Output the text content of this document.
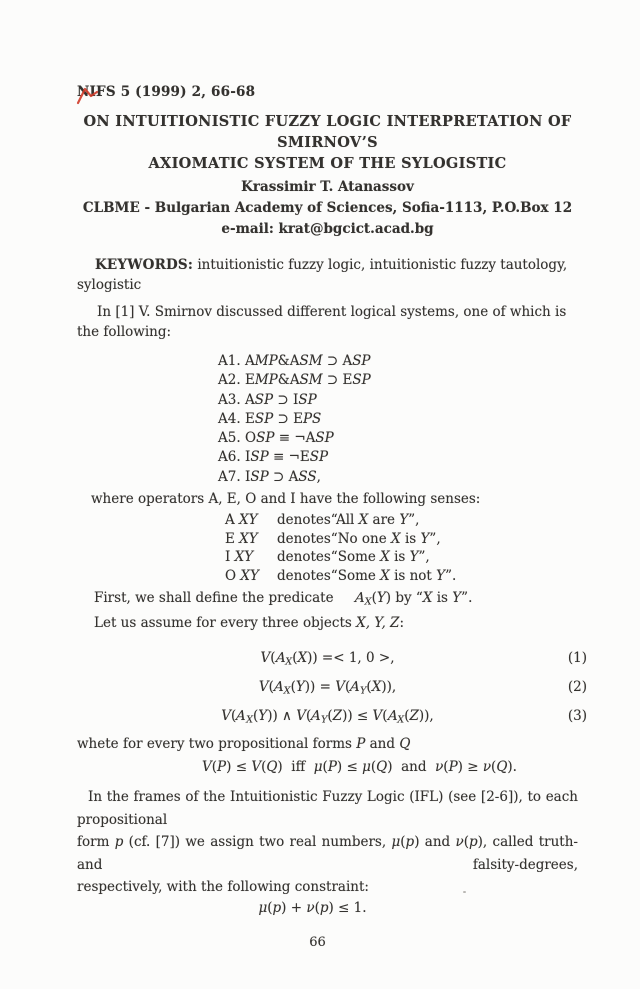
NIFS 5 (1999) 2, 66-68
ON INTUITIONISTIC FUZZY LOGIC INTERPRETATION OF SMIRNOV’S
AXIOMATIC SYSTEM OF THE SYLOGISTIC
Krassimir T. Atanassov
CLBME - Bulgarian Academy of Sciences, Sofia-1113, P.O.Box 12
e-mail: krat@bgcict.acad.bg

KEYWORDS: intuitionistic fuzzy logic, intuitionistic fuzzy tautology, sylogistic

In [1] V. Smirnov discussed different logical systems, one of which is the following:

A1. AMP&ASM ⊃ ASP
A2. EMP&ASM ⊃ ESP
A3. ASP ⊃ ISP
A4. ESP ⊃ EPS
A5. OSP ≡ ¬ASP
A6. ISP ≡ ¬ESP
A7. ISP ⊃ ASS,

where operators A, E, O and I have the following senses:

A XY	denotes	“All X are Y”,
E XY	denotes	“No one X is Y”,
I XY	denotes	“Some X is Y”,
O XY	denotes	“Some X is not Y”.

First, we shall define the predicate $A_X(Y)$ by “X is Y”.

Let us assume for every three objects X, Y, Z:

$V(A_X(X)) =< 1$, 0 >,	(1)
$V(A_X(Y)) = V(A_Y(X))$,	(2)
$V(A_X(Y))$ ∧ $V(A_Y(Z)) \le V(A_X(Z))$,	(3)

whete for every two propositional forms P and Q

V(P) ≤ V(Q)  iff  μ(P) ≤ μ(Q)  and  ν(P) ≥ ν(Q).
In the frames of the Intuitionistic Fuzzy Logic (IFL) (see [2-6]), to each propositional
form p (cf. [7]) we assign two real numbers, μ(p) and ν(p), called truth- and falsity-degrees,
respectively, with the following constraint:
μ(p) + ν(p) ≤ 1.
66
